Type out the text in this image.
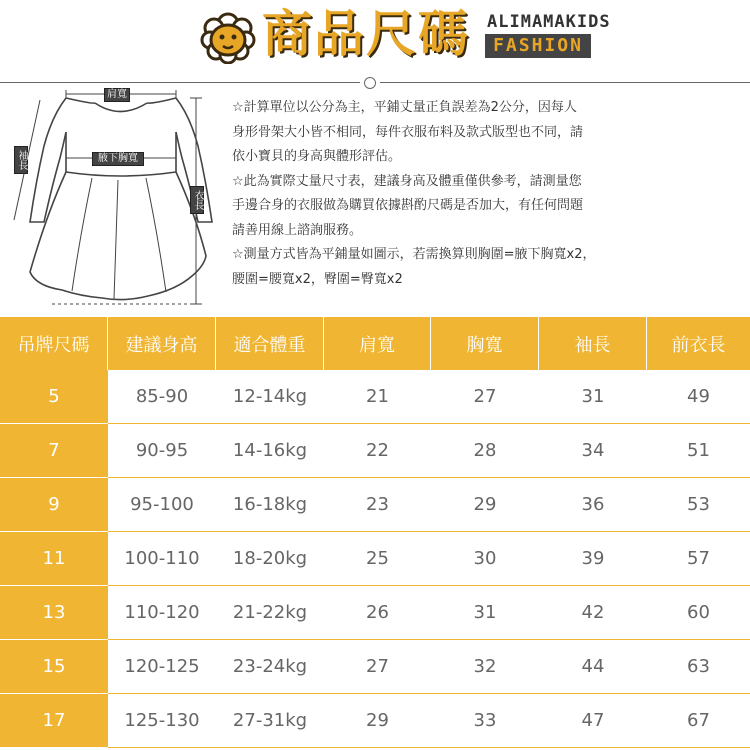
商品尺碼 ALIMAMAKIDS
FASHION
肩寬
腋下胸寬
袖長
衣長
☆計算單位以公分為主，平鋪丈量正負誤差為2公分，因每人
身形骨架大小皆不相同，每件衣服布料及款式版型也不同，請
依小寶貝的身高與體形評估。
☆此為實際丈量尺寸表，建議身高及體重僅供參考，請測量您
手邊合身的衣服做為購買依據斟酌尺碼是否加大，有任何問題
請善用線上諮詢服務。
☆測量方式皆為平鋪量如圖示，若需換算則胸圍=腋下胸寬x2，
腰圍=腰寬x2，臀圍=臀寬x2
吊牌尺碼	建議身高	適合體重	肩寬	胸寬	袖長	前衣長
5	85-90	12-14kg	21	27	31	49
7	90-95	14-16kg	22	28	34	51
9	95-100	16-18kg	23	29	36	53
11	100-110	18-20kg	25	30	39	57
13	110-120	21-22kg	26	31	42	60
15	120-125	23-24kg	27	32	44	63
17	125-130	27-31kg	29	33	47	67
